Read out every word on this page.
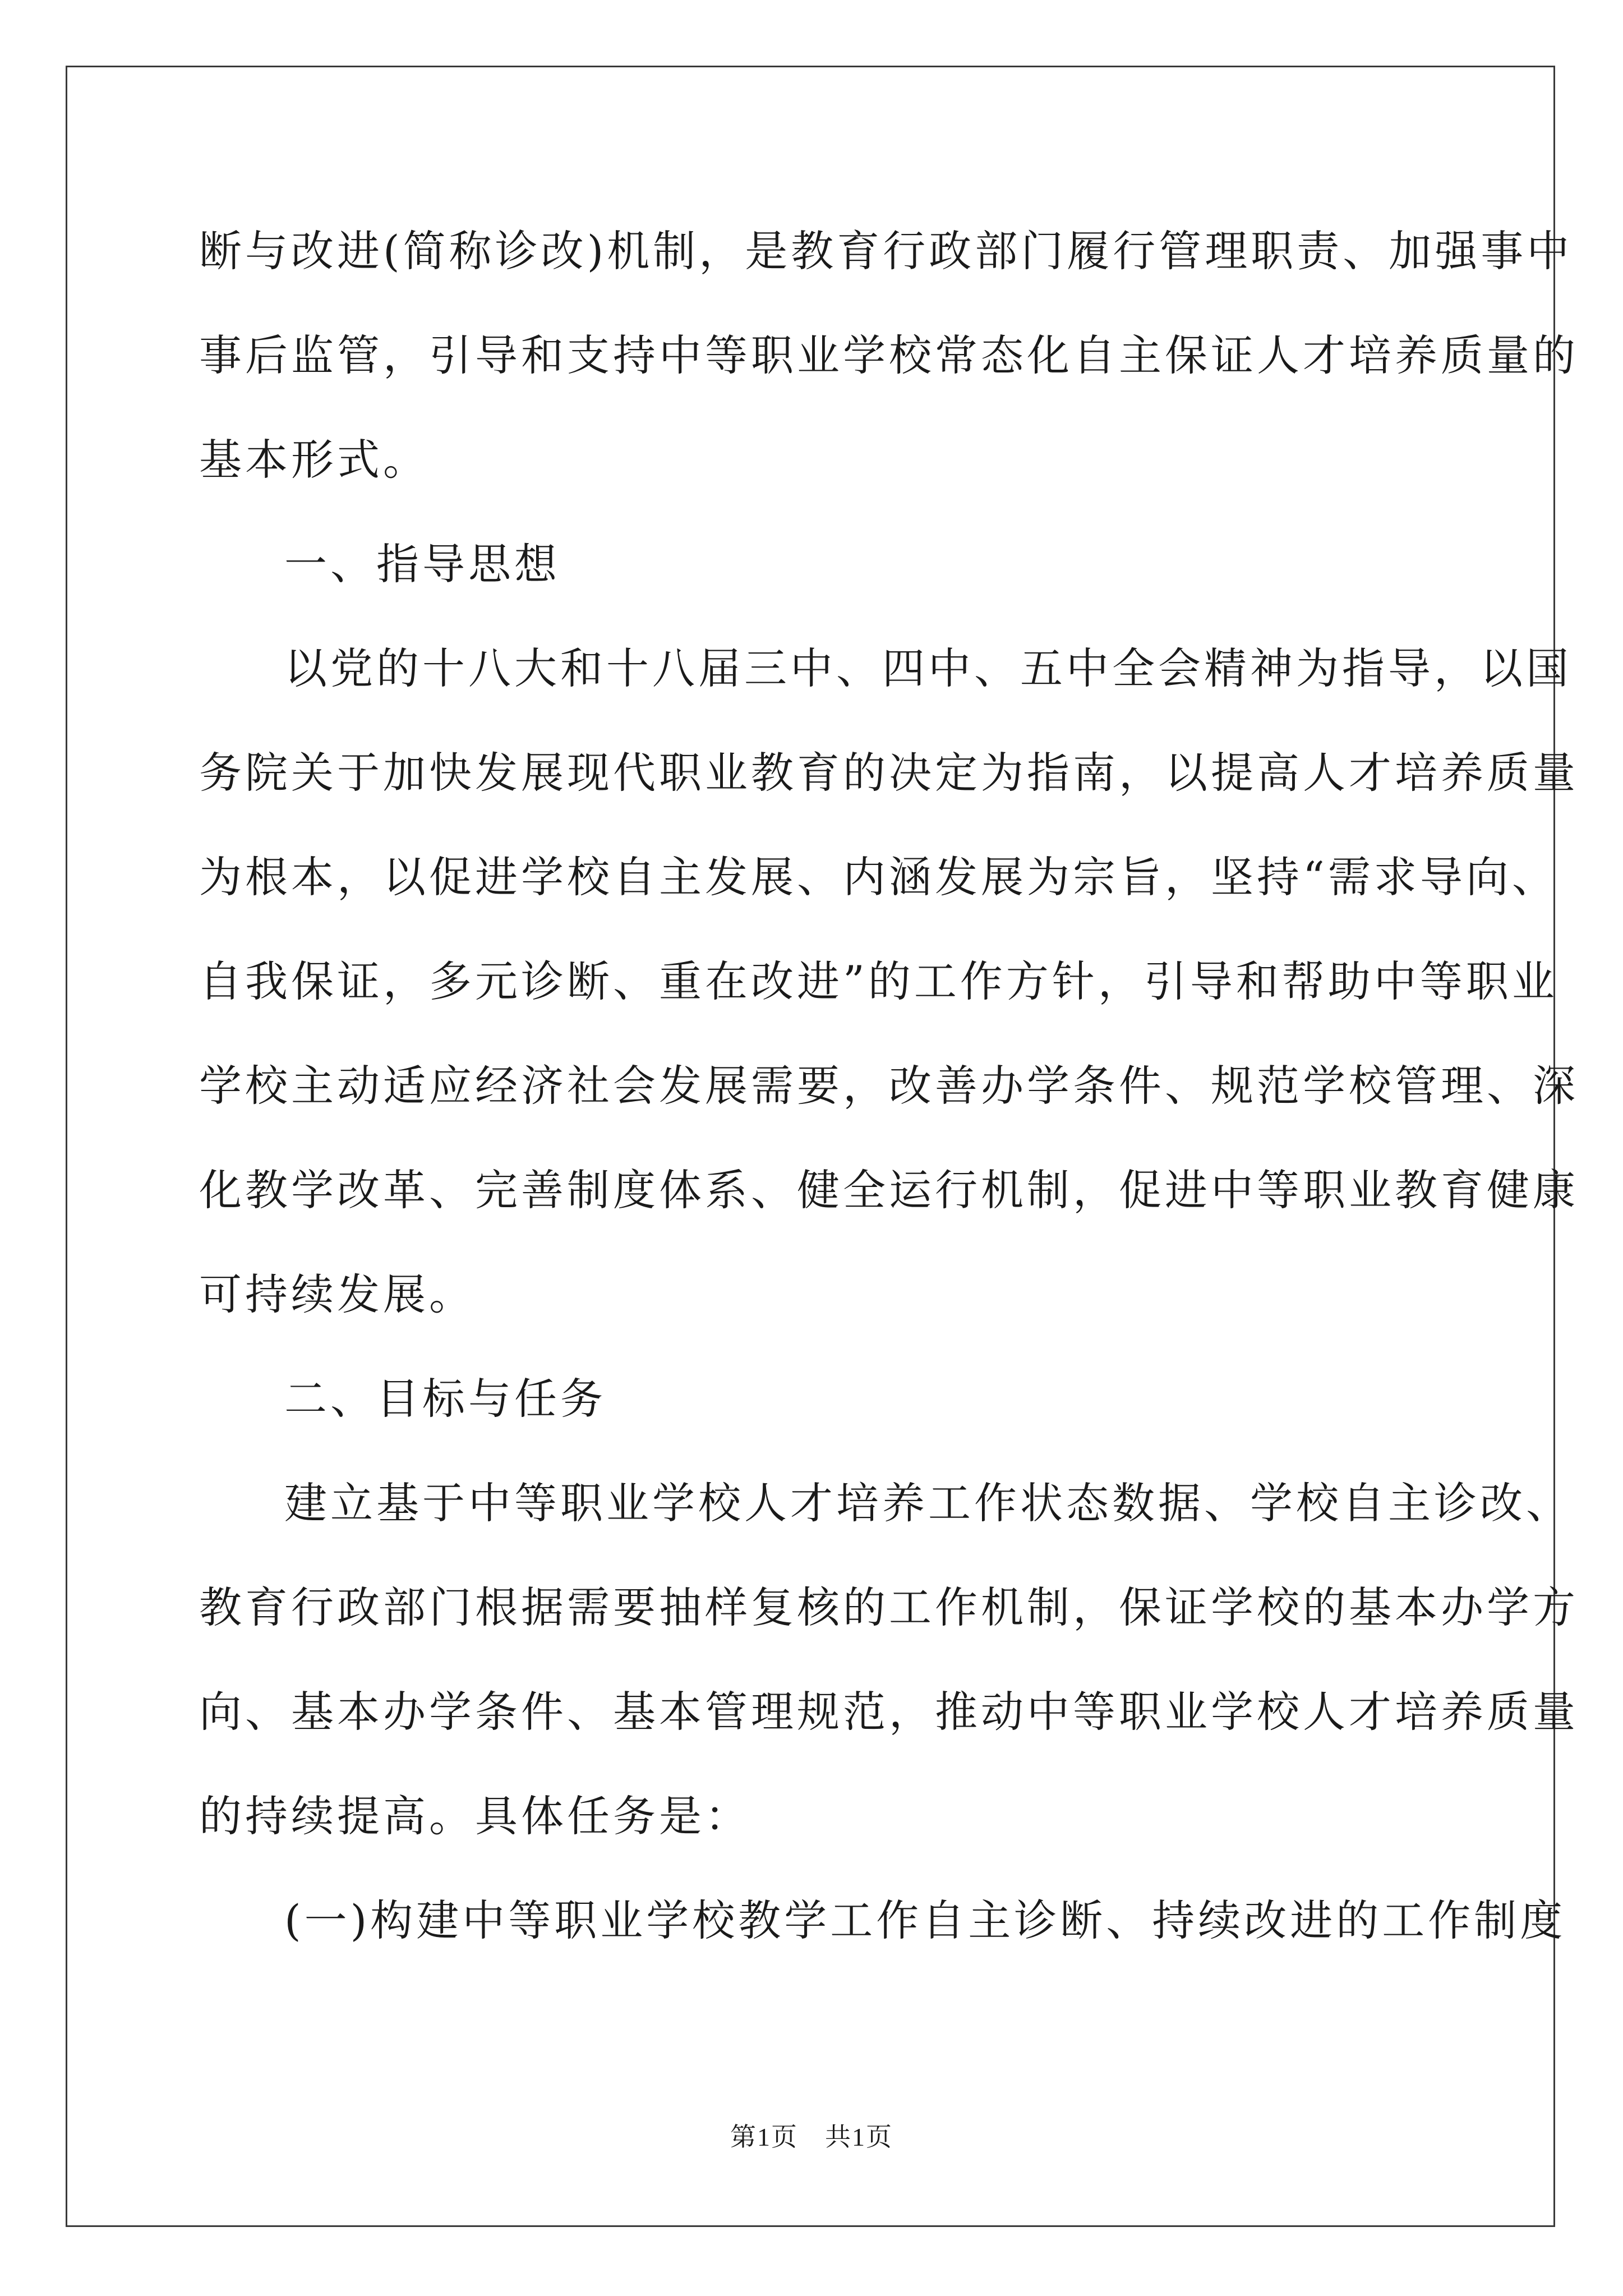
断与改进(简称诊改)机制，是教育行政部门履行管理职责、加强事中
事后监管，引导和支持中等职业学校常态化自主保证人才培养质量的
基本形式。
一、指导思想
以党的十八大和十八届三中、四中、五中全会精神为指导，以国
务院关于加快发展现代职业教育的决定为指南，以提高人才培养质量
为根本，以促进学校自主发展、内涵发展为宗旨，坚持“需求导向、
自我保证，多元诊断、重在改进”的工作方针，引导和帮助中等职业
学校主动适应经济社会发展需要，改善办学条件、规范学校管理、深
化教学改革、完善制度体系、健全运行机制，促进中等职业教育健康
可持续发展。
二、目标与任务
建立基于中等职业学校人才培养工作状态数据、学校自主诊改、
教育行政部门根据需要抽样复核的工作机制，保证学校的基本办学方
向、基本办学条件、基本管理规范，推动中等职业学校人才培养质量
的持续提高。具体任务是：
(一)构建中等职业学校教学工作自主诊断、持续改进的工作制度
第1页　共1页
